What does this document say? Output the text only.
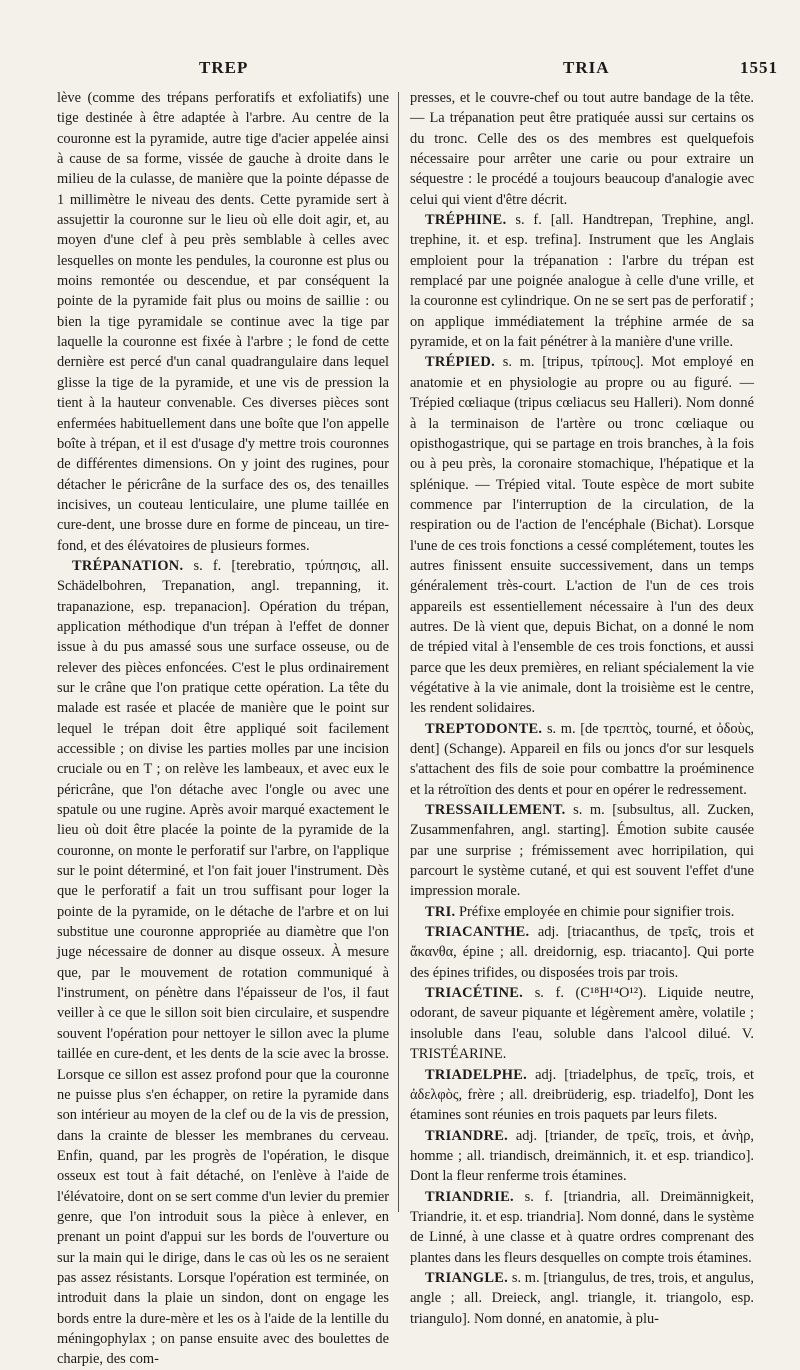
TREP	TRIA	1551

lève (comme des trépans perforatifs et exfoliatifs) une tige destinée à être adaptée à l'arbre. Au centre de la couronne est la pyramide, autre tige d'acier appelée ainsi à cause de sa forme, vissée de gauche à droite dans le milieu de la culasse, de manière que la pointe dépasse de 1 millimètre le niveau des dents. Cette pyramide sert à assujettir la couronne sur le lieu où elle doit agir, et, au moyen d'une clef à peu près semblable à celles avec lesquelles on monte les pendules, la couronne est plus ou moins remontée ou descendue, et par conséquent la pointe de la pyramide fait plus ou moins de saillie : ou bien la tige pyramidale se continue avec la tige par laquelle la couronne est fixée à l'arbre ; le fond de cette dernière est percé d'un canal quadrangulaire dans lequel glisse la tige de la pyramide, et une vis de pression la tient à la hauteur convenable. Ces diverses pièces sont enfermées habituellement dans une boîte que l'on appelle boîte à trépan, et il est d'usage d'y mettre trois couronnes de différentes dimensions. On y joint des rugines, pour détacher le péricrâne de la surface des os, des tenailles incisives, un couteau lenticulaire, une plume taillée en cure-dent, une brosse dure en forme de pinceau, un tire-fond, et des élévatoires de plusieurs formes.

TRÉPANATION. s. f. [terebratio, τρύπησις, all. Schädelbohren, Trepanation, angl. trepanning, it. trapanazione, esp. trepanacion]. Opération du trépan, application méthodique d'un trépan à l'effet de donner issue à du pus amassé sous une surface osseuse, ou de relever des pièces enfoncées. C'est le plus ordinairement sur le crâne que l'on pratique cette opération. La tête du malade est rasée et placée de manière que le point sur lequel le trépan doit être appliqué soit facilement accessible ; on divise les parties molles par une incision cruciale ou en T ; on relève les lambeaux, et avec eux le péricrâne, que l'on détache avec l'ongle ou avec une spatule ou une rugine. Après avoir marqué exactement le lieu où doit être placée la pointe de la pyramide de la couronne, on monte le perforatif sur l'arbre, on l'applique sur le point déterminé, et l'on fait jouer l'instrument. Dès que le perforatif a fait un trou suffisant pour loger la pointe de la pyramide, on le détache de l'arbre et on lui substitue une couronne appropriée au diamètre que l'on juge nécessaire de donner au disque osseux. À mesure que, par le mouvement de rotation communiqué à l'instrument, on pénètre dans l'épaisseur de l'os, il faut veiller à ce que le sillon soit bien circulaire, et suspendre souvent l'opération pour nettoyer le sillon avec la plume taillée en cure-dent, et les dents de la scie avec la brosse. Lorsque ce sillon est assez profond pour que la couronne ne puisse plus s'en échapper, on retire la pyramide dans son intérieur au moyen de la clef ou de la vis de pression, dans la crainte de blesser les membranes du cerveau. Enfin, quand, par les progrès de l'opération, le disque osseux est tout à fait détaché, on l'enlève à l'aide de l'élévatoire, dont on se sert comme d'un levier du premier genre, que l'on introduit sous la pièce à enlever, en prenant un point d'appui sur les bords de l'ouverture ou sur la main qui le dirige, dans le cas où les os ne seraient pas assez résistants. Lorsque l'opération est terminée, on introduit dans la plaie un sindon, dont on engage les bords entre la dure-mère et les os à l'aide de la lentille du méningophylax ; on panse ensuite avec des boulettes de charpie, des com-

presses, et le couvre-chef ou tout autre bandage de la tête. — La trépanation peut être pratiquée aussi sur certains os du tronc. Celle des os des membres est quelquefois nécessaire pour arrêter une carie ou pour extraire un séquestre : le procédé a toujours beaucoup d'analogie avec celui qui vient d'être décrit.

TRÉPHINE. s. f. [all. Handtrepan, Trephine, angl. trephine, it. et esp. trefina]. Instrument que les Anglais emploient pour la trépanation : l'arbre du trépan est remplacé par une poignée analogue à celle d'une vrille, et la couronne est cylindrique. On ne se sert pas de perforatif ; on applique immédiatement la tréphine armée de sa pyramide, et on la fait pénétrer à la manière d'une vrille.

TRÉPIED. s. m. [tripus, τρίπους]. Mot employé en anatomie et en physiologie au propre ou au figuré. — Trépied cœliaque (tripus cœliacus seu Halleri). Nom donné à la terminaison de l'artère ou tronc cœliaque ou opisthogastrique, qui se partage en trois branches, à la fois ou à peu près, la coronaire stomachique, l'hépatique et la splénique. — Trépied vital. Toute espèce de mort subite commence par l'interruption de la circulation, de la respiration ou de l'action de l'encéphale (Bichat). Lorsque l'une de ces trois fonctions a cessé complétement, toutes les autres finissent ensuite successivement, dans un temps généralement très-court. L'action de l'un de ces trois appareils est essentiellement nécessaire à l'un des deux autres. De là vient que, depuis Bichat, on a donné le nom de trépied vital à l'ensemble de ces trois fonctions, et aussi parce que les deux premières, en reliant spécialement la vie végétative à la vie animale, dont la troisième est le centre, les rendent solidaires.

TREPTODONTE. s. m. [de τρεπτὸς, tourné, et ὀδοὺς, dent] (Schange). Appareil en fils ou joncs d'or sur lesquels s'attachent des fils de soie pour combattre la proéminence et la rétroïtion des dents et pour en opérer le redressement.

TRESSAILLEMENT. s. m. [subsultus, all. Zucken, Zusammenfahren, angl. starting]. Émotion subite causée par une surprise ; frémissement avec horripilation, qui parcourt le système cutané, et qui est souvent l'effet d'une impression morale.

TRI. Préfixe employée en chimie pour signifier trois.

TRIACANTHE. adj. [triacanthus, de τρεῖς, trois et ἄκανθα, épine ; all. dreidornig, esp. triacanto]. Qui porte des épines trifides, ou disposées trois par trois.

TRIACÉTINE. s. f. (C¹⁸H¹⁴O¹²). Liquide neutre, odorant, de saveur piquante et légèrement amère, volatile ; insoluble dans l'eau, soluble dans l'alcool dilué. V. TRISTÉARINE.

TRIADELPHE. adj. [triadelphus, de τρεῖς, trois, et ἀδελφὸς, frère ; all. dreibrüderig, esp. triadelfo], Dont les étamines sont réunies en trois paquets par leurs filets.

TRIANDRE. adj. [triander, de τρεῖς, trois, et ἀνὴρ, homme ; all. triandisch, dreimännich, it. et esp. triandico]. Dont la fleur renferme trois étamines.

TRIANDRIE. s. f. [triandria, all. Dreimännigkeit, Triandrie, it. et esp. triandria]. Nom donné, dans le système de Linné, à une classe et à quatre ordres comprenant des plantes dans les fleurs desquelles on compte trois étamines.

TRIANGLE. s. m. [triangulus, de tres, trois, et angulus, angle ; all. Dreieck, angl. triangle, it. triangolo, esp. triangulo]. Nom donné, en anatomie, à plu-
